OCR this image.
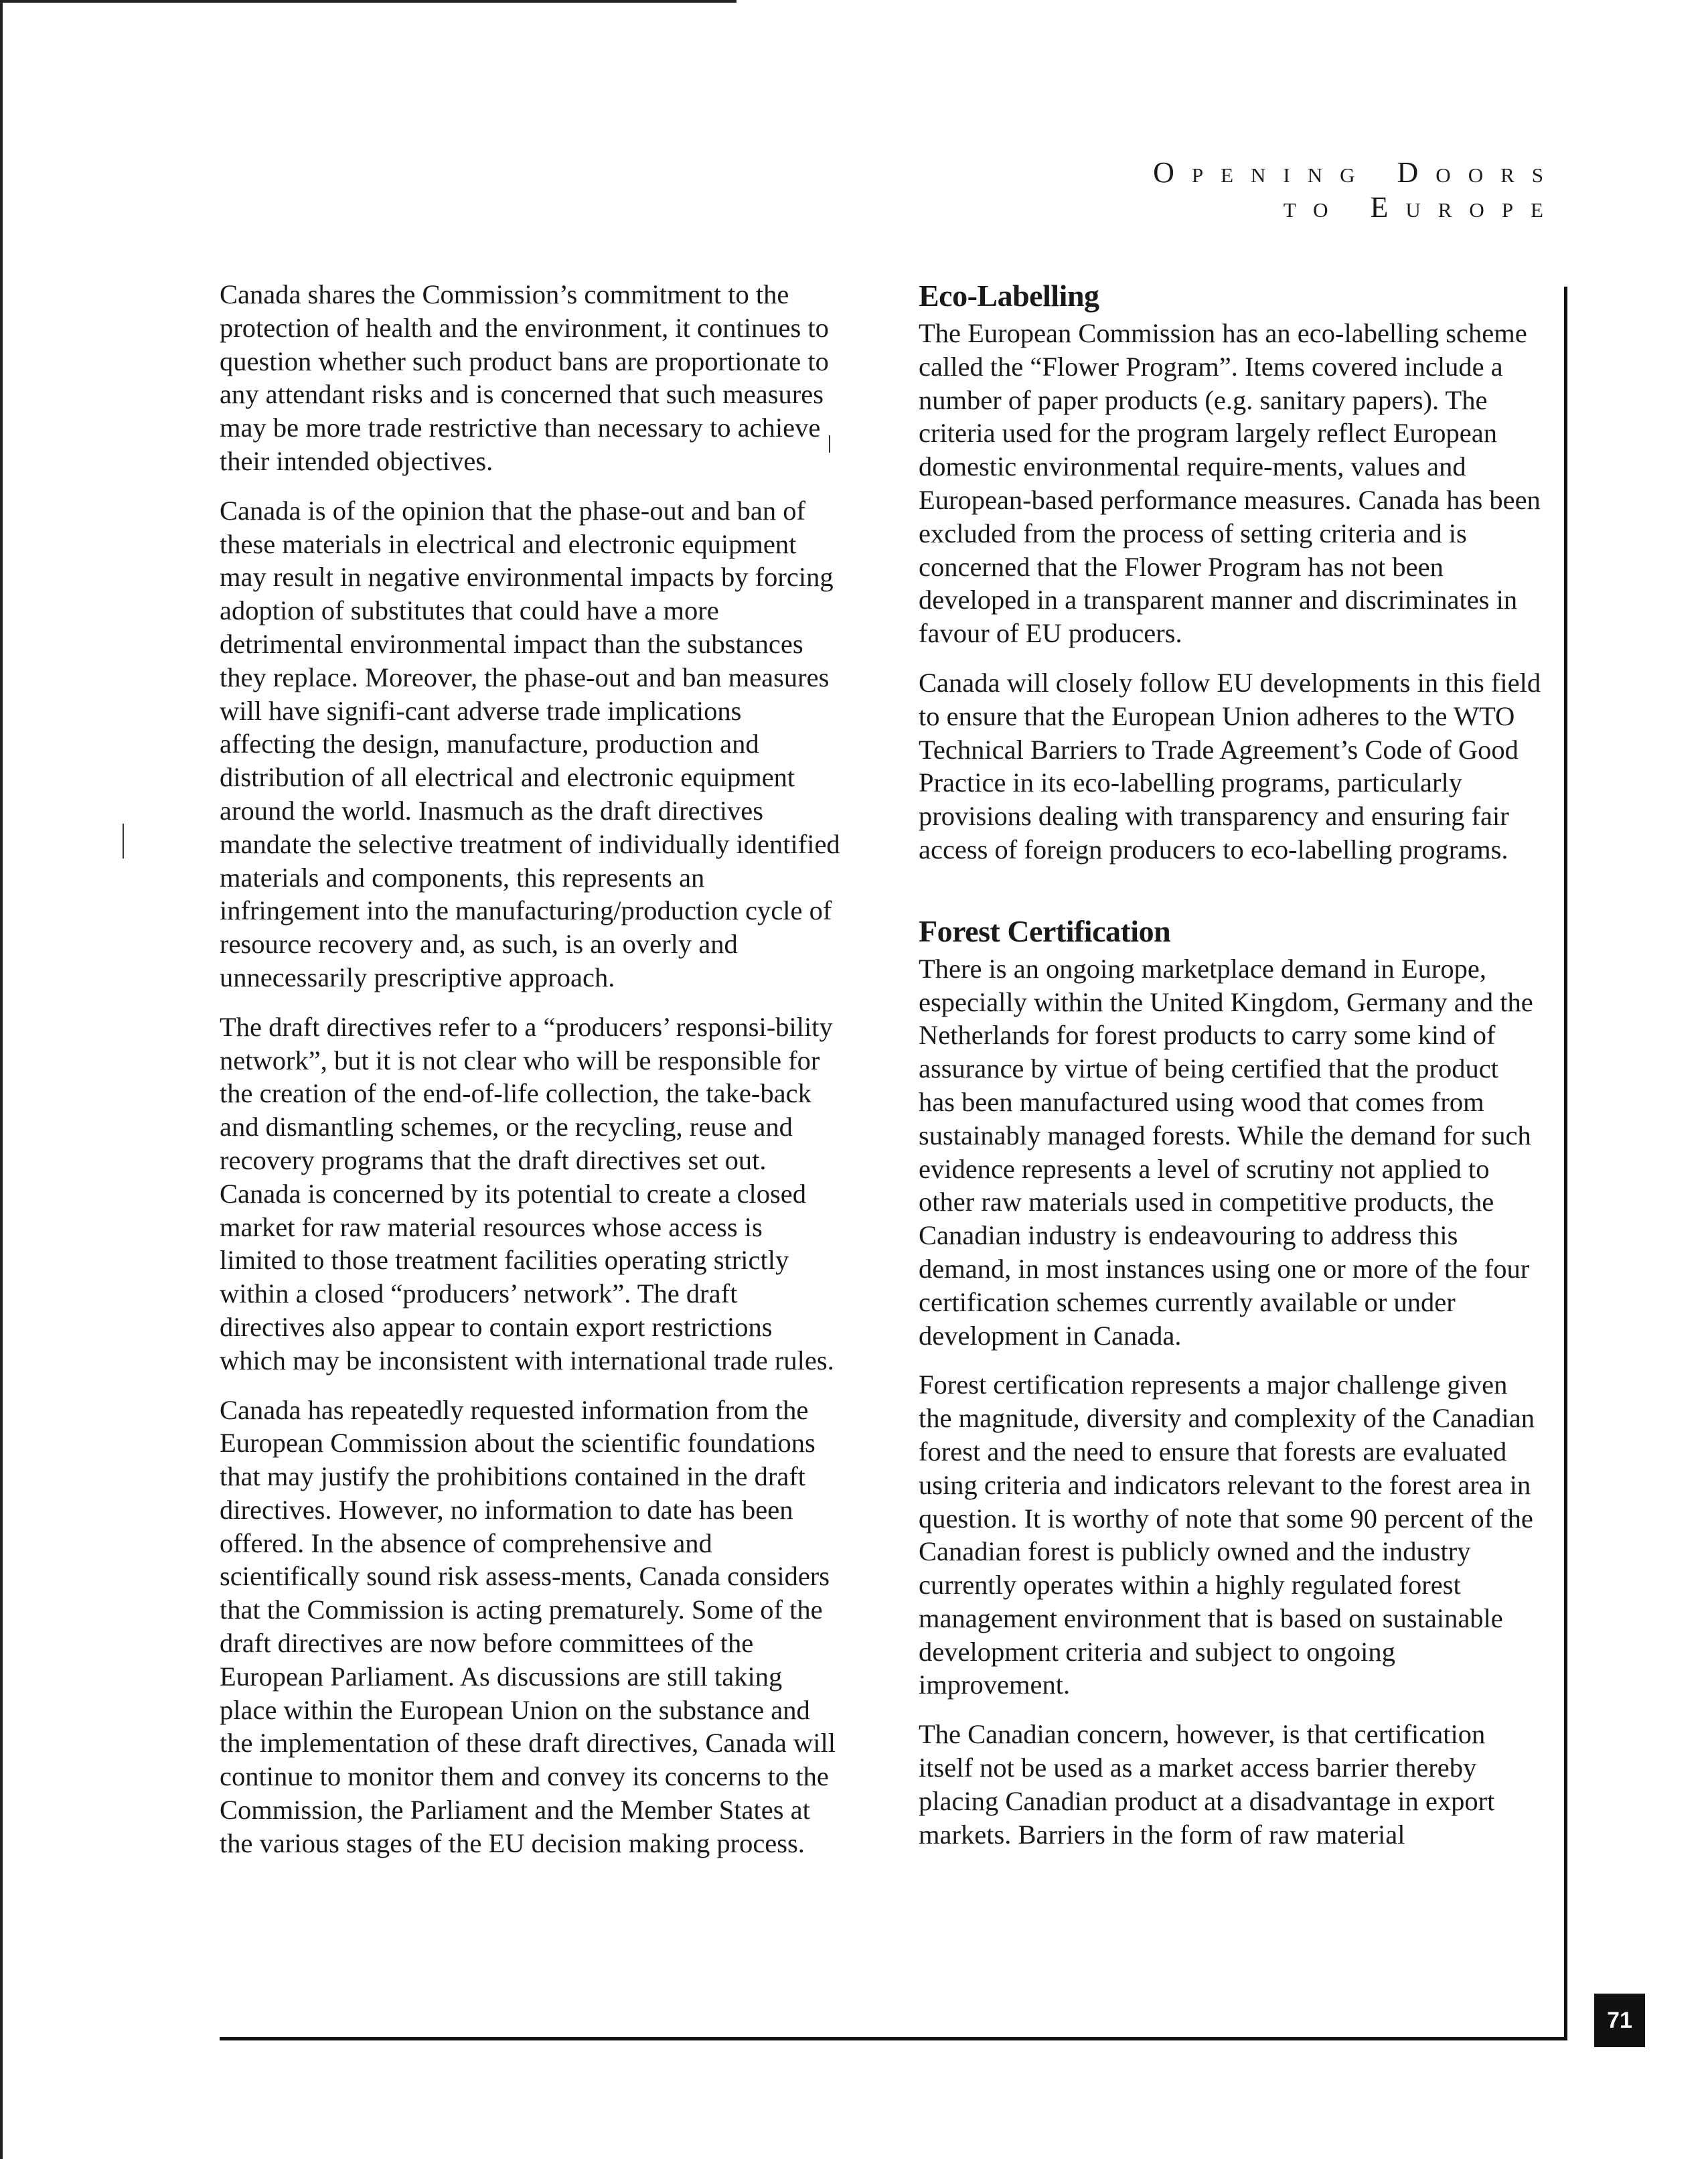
Opening Doors
to Europe

Canada shares the Commission’s commitment to the protection of health and the environment, it continues to question whether such product bans are proportionate to any attendant risks and is concerned that such measures may be more trade restrictive than necessary to achieve their intended objectives.

Canada is of the opinion that the phase-out and ban of these materials in electrical and electronic equipment may result in negative environmental impacts by forcing adoption of substitutes that could have a more detrimental environmental impact than the substances they replace. Moreover, the phase-out and ban measures will have signifi-cant adverse trade implications affecting the design, manufacture, production and distribution of all electrical and electronic equipment around the world. Inasmuch as the draft directives mandate the selective treatment of individually identified materials and components, this represents an infringement into the manufacturing/production cycle of resource recovery and, as such, is an overly and unnecessarily prescriptive approach.

The draft directives refer to a “producers’ responsi-bility network”, but it is not clear who will be responsible for the creation of the end-of-life collection, the take-back and dismantling schemes, or the recycling, reuse and recovery programs that the draft directives set out. Canada is concerned by its potential to create a closed market for raw material resources whose access is limited to those treatment facilities operating strictly within a closed “producers’ network”. The draft directives also appear to contain export restrictions which may be inconsistent with international trade rules.

Canada has repeatedly requested information from the European Commission about the scientific foundations that may justify the prohibitions contained in the draft directives. However, no information to date has been offered. In the absence of comprehensive and scientifically sound risk assess-ments, Canada considers that the Commission is acting prematurely. Some of the draft directives are now before committees of the European Parliament. As discussions are still taking place within the European Union on the substance and the implementation of these draft directives, Canada will continue to monitor them and convey its concerns to the Commission, the Parliament and the Member States at the various stages of the EU decision making process.

Eco-Labelling

The European Commission has an eco-labelling scheme called the “Flower Program”. Items covered include a number of paper products (e.g. sanitary papers). The criteria used for the program largely reflect European domestic environmental require-ments, values and European-based performance measures. Canada has been excluded from the process of setting criteria and is concerned that the Flower Program has not been developed in a transparent manner and discriminates in favour of EU producers.

Canada will closely follow EU developments in this field to ensure that the European Union adheres to the WTO Technical Barriers to Trade Agreement’s Code of Good Practice in its eco-labelling programs, particularly provisions dealing with transparency and ensuring fair access of foreign producers to eco-labelling programs.

Forest Certification

There is an ongoing marketplace demand in Europe, especially within the United Kingdom, Germany and the Netherlands for forest products to carry some kind of assurance by virtue of being certified that the product has been manufactured using wood that comes from sustainably managed forests. While the demand for such evidence represents a level of scrutiny not applied to other raw materials used in competitive products, the Canadian industry is endeavouring to address this demand, in most instances using one or more of the four certification schemes currently available or under development in Canada.

Forest certification represents a major challenge given the magnitude, diversity and complexity of the Canadian forest and the need to ensure that forests are evaluated using criteria and indicators relevant to the forest area in question. It is worthy of note that some 90 percent of the Canadian forest is publicly owned and the industry currently operates within a highly regulated forest management environment that is based on sustainable development criteria and subject to ongoing improvement.

The Canadian concern, however, is that certification itself not be used as a market access barrier thereby placing Canadian product at a disadvantage in export markets. Barriers in the form of raw material

71
